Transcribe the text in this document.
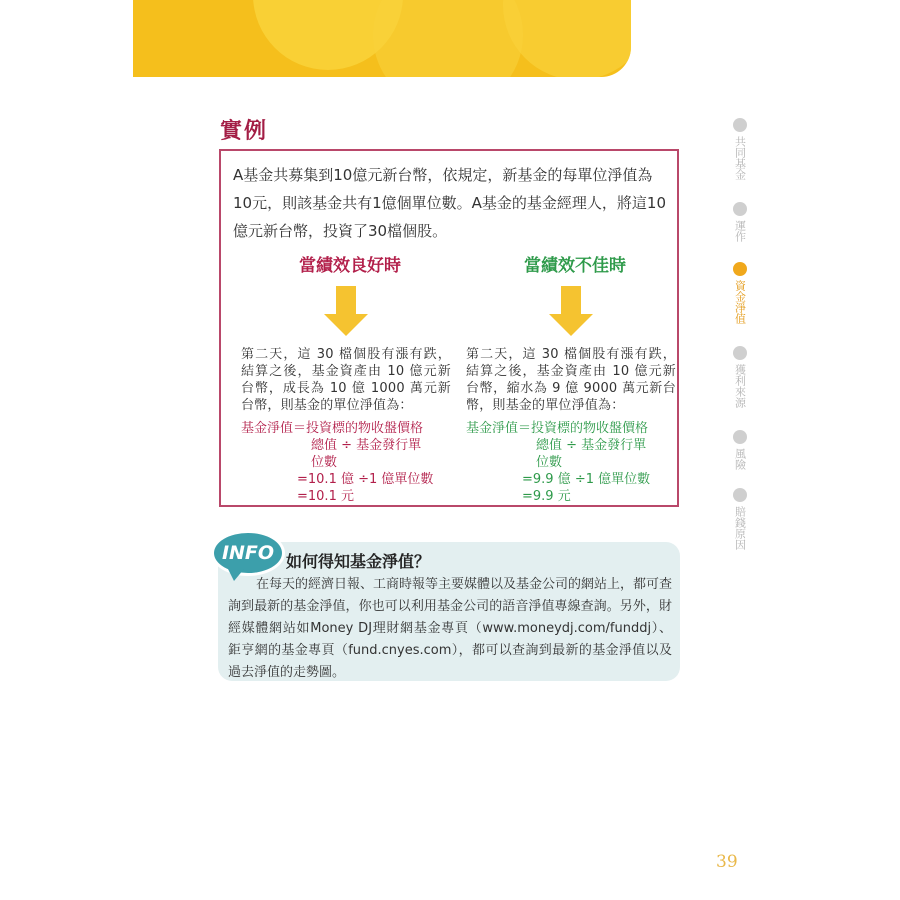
實例
A基金共募集到10億元新台幣，依規定，新基金的每單位淨值為10元，則該基金共有1億個單位數。A基金的基金經理人，將這10億元新台幣，投資了30檔個股。
當績效良好時
第二天，這 30 檔個股有漲有跌，結算之後，基金資產由 10 億元新台幣，成長為 10 億 1000 萬元新台幣，則基金的單位淨值為：
基金淨值＝投資標的物收盤價格
總值 ÷ 基金發行單
位數
=10.1 億 ÷1 億單位數
=10.1 元
當績效不佳時
第二天，這 30 檔個股有漲有跌，結算之後，基金資產由 10 億元新台幣，縮水為 9 億 9000 萬元新台幣，則基金的單位淨值為：
基金淨值＝投資標的物收盤價格
總值 ÷ 基金發行單
位數
=9.9 億 ÷1 億單位數
=9.9 元
INFO 如何得知基金淨值？
在每天的經濟日報、工商時報等主要媒體以及基金公司的網站上，都可查詢到最新的基金淨值，你也可以利用基金公司的語音淨值專線查詢。另外，財經媒體網站如Money DJ理財網基金專頁（www.moneydj.com/funddj）、鉅亨網的基金專頁（fund.cnyes.com），都可以查詢到最新的基金淨值以及過去淨值的走勢圖。
共同基金
運作
資金淨值
獲利來源
風險
賠錢原因
39
